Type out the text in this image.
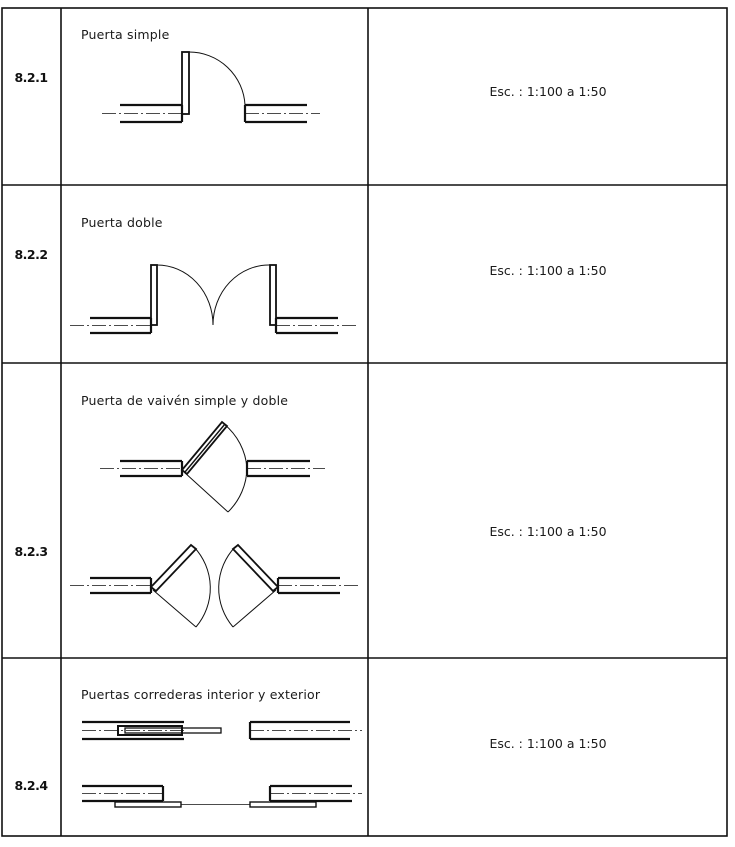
8.2.1
Puerta simple
Esc. : 1:100 a 1:50
8.2.2
Puerta doble
Esc. : 1:100 a 1:50
8.2.3
Puerta de vaivén simple y doble
Esc. : 1:100 a 1:50
8.2.4
Puertas correderas interior y exterior
Esc. : 1:100 a 1:50
